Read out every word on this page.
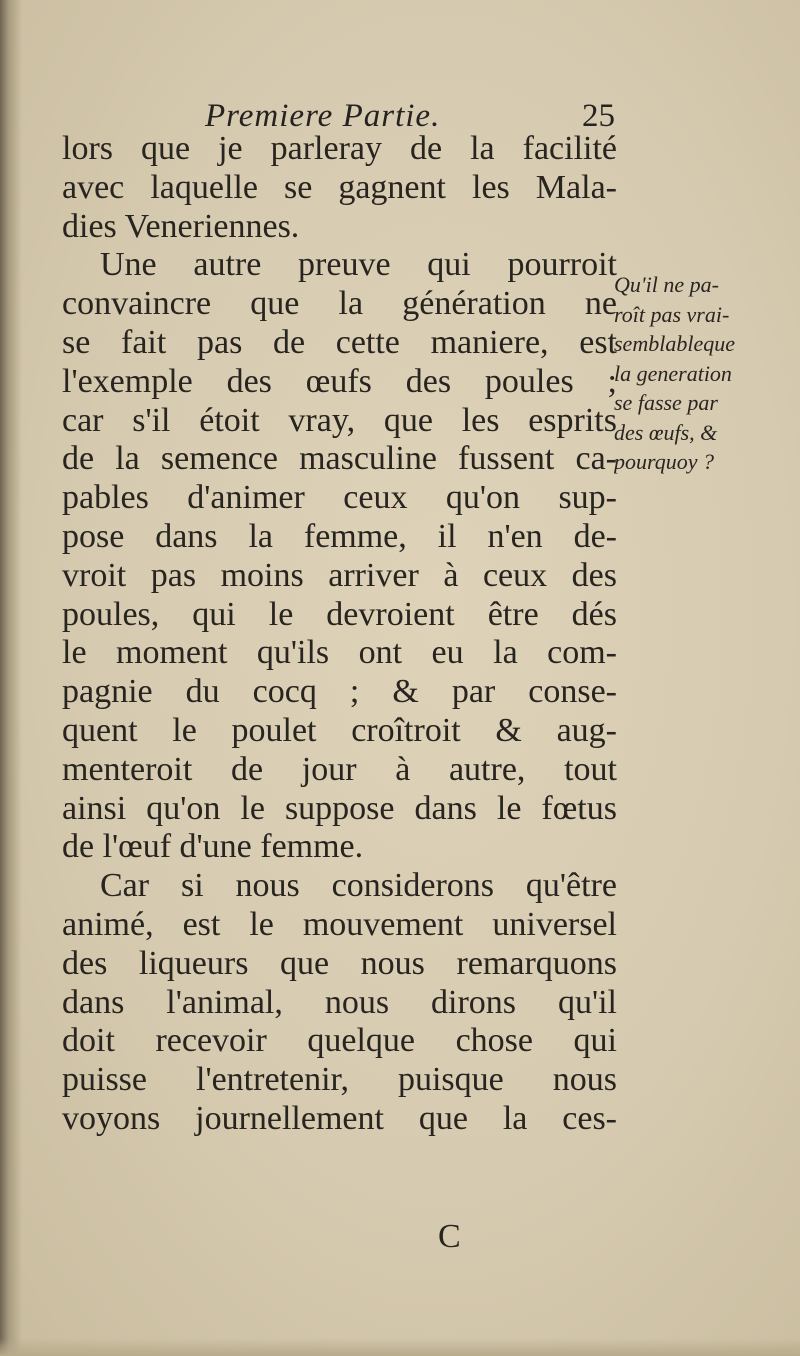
Premiere Partie.	25
lors que je parleray de la facilité
avec laquelle se gagnent les Mala-
dies Veneriennes.
Une autre preuve qui pourroit
convaincre que la génération ne
se fait pas de cette maniere, est
l'exemple des œufs des poules ;
car s'il étoit vray, que les esprits
de la semence masculine fussent ca-
pables d'animer ceux qu'on sup-
pose dans la femme, il n'en de-
vroit pas moins arriver à ceux des
poules, qui le devroient être dés
le moment qu'ils ont eu la com-
pagnie du cocq ; & par conse-
quent le poulet croîtroit & aug-
menteroit de jour à autre, tout
ainsi qu'on le suppose dans le fœtus
de l'œuf d'une femme.
Car si nous considerons qu'être
animé, est le mouvement universel
des liqueurs que nous remarquons
dans l'animal, nous dirons qu'il
doit recevoir quelque chose qui
puisse l'entretenir, puisque nous
voyons journellement que la ces-
Qu'il ne pa-
roît pas vrai-
semblableque
la generation
se fasse par
des œufs, &
pourquoy ?
C
